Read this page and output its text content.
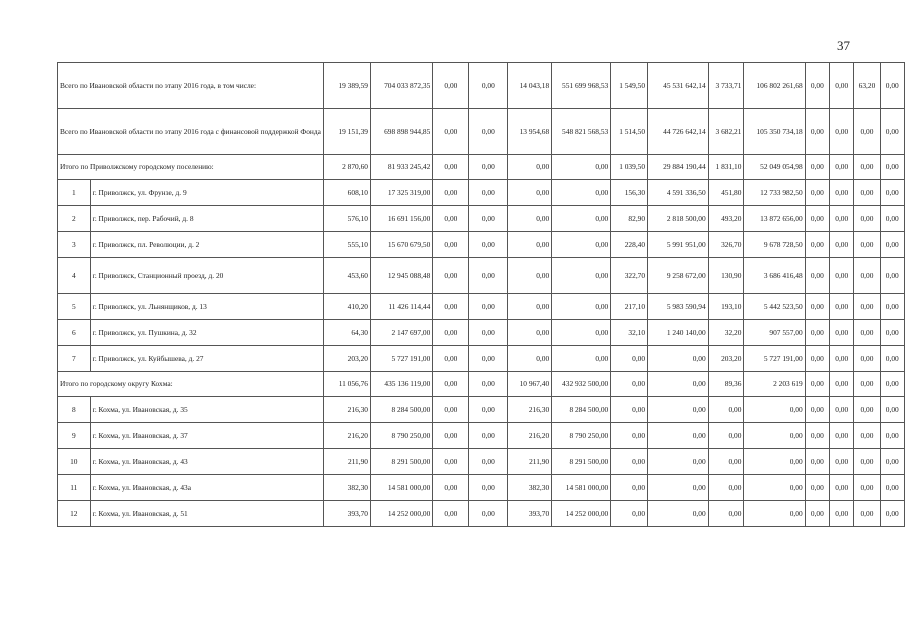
37
Всего по Ивановской области по этапу 2016 года, в том числе:		19 389,59	704 033 872,35	0,00	0,00	14 043,18	551 699 968,53	1 549,50	45 531 642,14	3 733,71	106 802 261,68	0,00	0,00	63,20	0,00
Всего по Ивановской области по этапу 2016 года с финансовой поддержкой Фонда		19 151,39	698 898 944,85	0,00	0,00	13 954,68	548 821 568,53	1 514,50	44 726 642,14	3 682,21	105 350 734,18	0,00	0,00	0,00	0,00
Итого по Приволжскому городскому поселению:		2 870,60	81 933 245,42	0,00	0,00	0,00	0,00	1 039,50	29 884 190,44	1 831,10	52 049 054,98	0,00	0,00	0,00	0,00
1	г. Приволжск, ул. Фрунзе, д. 9	608,10	17 325 319,00	0,00	0,00	0,00	0,00	156,30	4 591 336,50	451,80	12 733 982,50	0,00	0,00	0,00	0,00
2	г. Приволжск, пер. Рабочий, д. 8	576,10	16 691 156,00	0,00	0,00	0,00	0,00	82,90	2 818 500,00	493,20	13 872 656,00	0,00	0,00	0,00	0,00
3	г. Приволжск, пл. Революции, д. 2	555,10	15 670 679,50	0,00	0,00	0,00	0,00	228,40	5 991 951,00	326,70	9 678 728,50	0,00	0,00	0,00	0,00
4	г. Приволжск, Станционный проезд, д. 20	453,60	12 945 088,48	0,00	0,00	0,00	0,00	322,70	9 258 672,00	130,90	3 686 416,48	0,00	0,00	0,00	0,00
5	г. Приволжск, ул. Льнянщиков, д. 13	410,20	11 426 114,44	0,00	0,00	0,00	0,00	217,10	5 983 590,94	193,10	5 442 523,50	0,00	0,00	0,00	0,00
6	г. Приволжск, ул. Пушкина, д. 32	64,30	2 147 697,00	0,00	0,00	0,00	0,00	32,10	1 240 140,00	32,20	907 557,00	0,00	0,00	0,00	0,00
7	г. Приволжск, ул. Куйбышева, д. 27	203,20	5 727 191,00	0,00	0,00	0,00	0,00	0,00	0,00	203,20	5 727 191,00	0,00	0,00	0,00	0,00
Итого по городскому округу Кохма:		11 056,76	435 136 119,00	0,00	0,00	10 967,40	432 932 500,00	0,00	0,00	89,36	2 203 619	0,00	0,00	0,00	0,00
8	г. Кохма, ул. Ивановская, д. 35	216,30	8 284 500,00	0,00	0,00	216,30	8 284 500,00	0,00	0,00	0,00	0,00	0,00	0,00	0,00	0,00
9	г. Кохма, ул. Ивановская, д. 37	216,20	8 790 250,00	0,00	0,00	216,20	8 790 250,00	0,00	0,00	0,00	0,00	0,00	0,00	0,00	0,00
10	г. Кохма, ул. Ивановская, д. 43	211,90	8 291 500,00	0,00	0,00	211,90	8 291 500,00	0,00	0,00	0,00	0,00	0,00	0,00	0,00	0,00
11	г. Кохма, ул. Ивановская, д. 43а	382,30	14 581 000,00	0,00	0,00	382,30	14 581 000,00	0,00	0,00	0,00	0,00	0,00	0,00	0,00	0,00
12	г. Кохма, ул. Ивановская, д. 51	393,70	14 252 000,00	0,00	0,00	393,70	14 252 000,00	0,00	0,00	0,00	0,00	0,00	0,00	0,00	0,00
